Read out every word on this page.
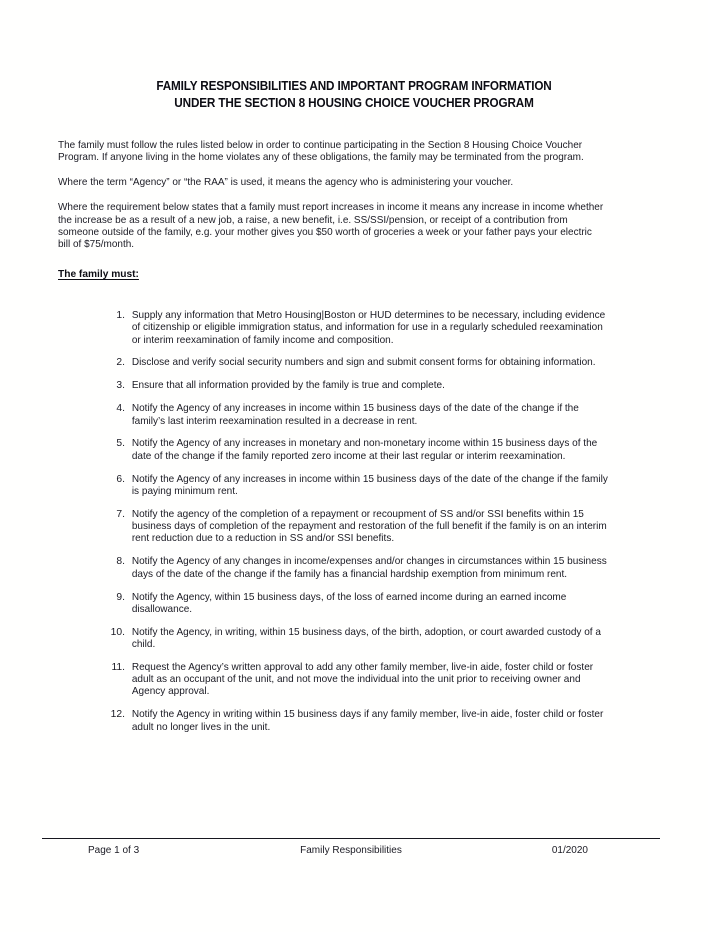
FAMILY RESPONSIBILITIES AND IMPORTANT PROGRAM INFORMATION
UNDER THE SECTION 8 HOUSING CHOICE VOUCHER PROGRAM

The family must follow the rules listed below in order to continue participating in the Section 8 Housing Choice Voucher Program. If anyone living in the home violates any of these obligations, the family may be terminated from the program.

Where the term “Agency” or “the RAA” is used, it means the agency who is administering your voucher.

Where the requirement below states that a family must report increases in income it means any increase in income whether the increase be as a result of a new job, a raise, a new benefit, i.e. SS/SSI/pension, or receipt of a contribution from someone outside of the family, e.g. your mother gives you $50 worth of groceries a week or your father pays your electric bill of $75/month.

The family must:
1. Supply any information that Metro Housing|Boston or HUD determines to be necessary, including evidence of citizenship or eligible immigration status, and information for use in a regularly scheduled reexamination or interim reexamination of family income and composition.
2. Disclose and verify social security numbers and sign and submit consent forms for obtaining information.
3. Ensure that all information provided by the family is true and complete.
4. Notify the Agency of any increases in income within 15 business days of the date of the change if the family’s last interim reexamination resulted in a decrease in rent.
5. Notify the Agency of any increases in monetary and non-monetary income within 15 business days of the date of the change if the family reported zero income at their last regular or interim reexamination.
6. Notify the Agency of any increases in income within 15 business days of the date of the change if the family is paying minimum rent.
7. Notify the agency of the completion of a repayment or recoupment of SS and/or SSI benefits within 15 business days of completion of the repayment and restoration of the full benefit if the family is on an interim rent reduction due to a reduction in SS and/or SSI benefits.
8. Notify the Agency of any changes in income/expenses and/or changes in circumstances within 15 business days of the date of the change if the family has a financial hardship exemption from minimum rent.
9. Notify the Agency, within 15 business days, of the loss of earned income during an earned income disallowance.
10. Notify the Agency, in writing, within 15 business days, of the birth, adoption, or court awarded custody of a child.
11. Request the Agency’s written approval to add any other family member, live-in aide, foster child or foster adult as an occupant of the unit, and not move the individual into the unit prior to receiving owner and Agency approval.
12. Notify the Agency in writing within 15 business days if any family member, live-in aide, foster child or foster adult no longer lives in the unit.
Page 1 of 3	Family Responsibilities	01/2020
